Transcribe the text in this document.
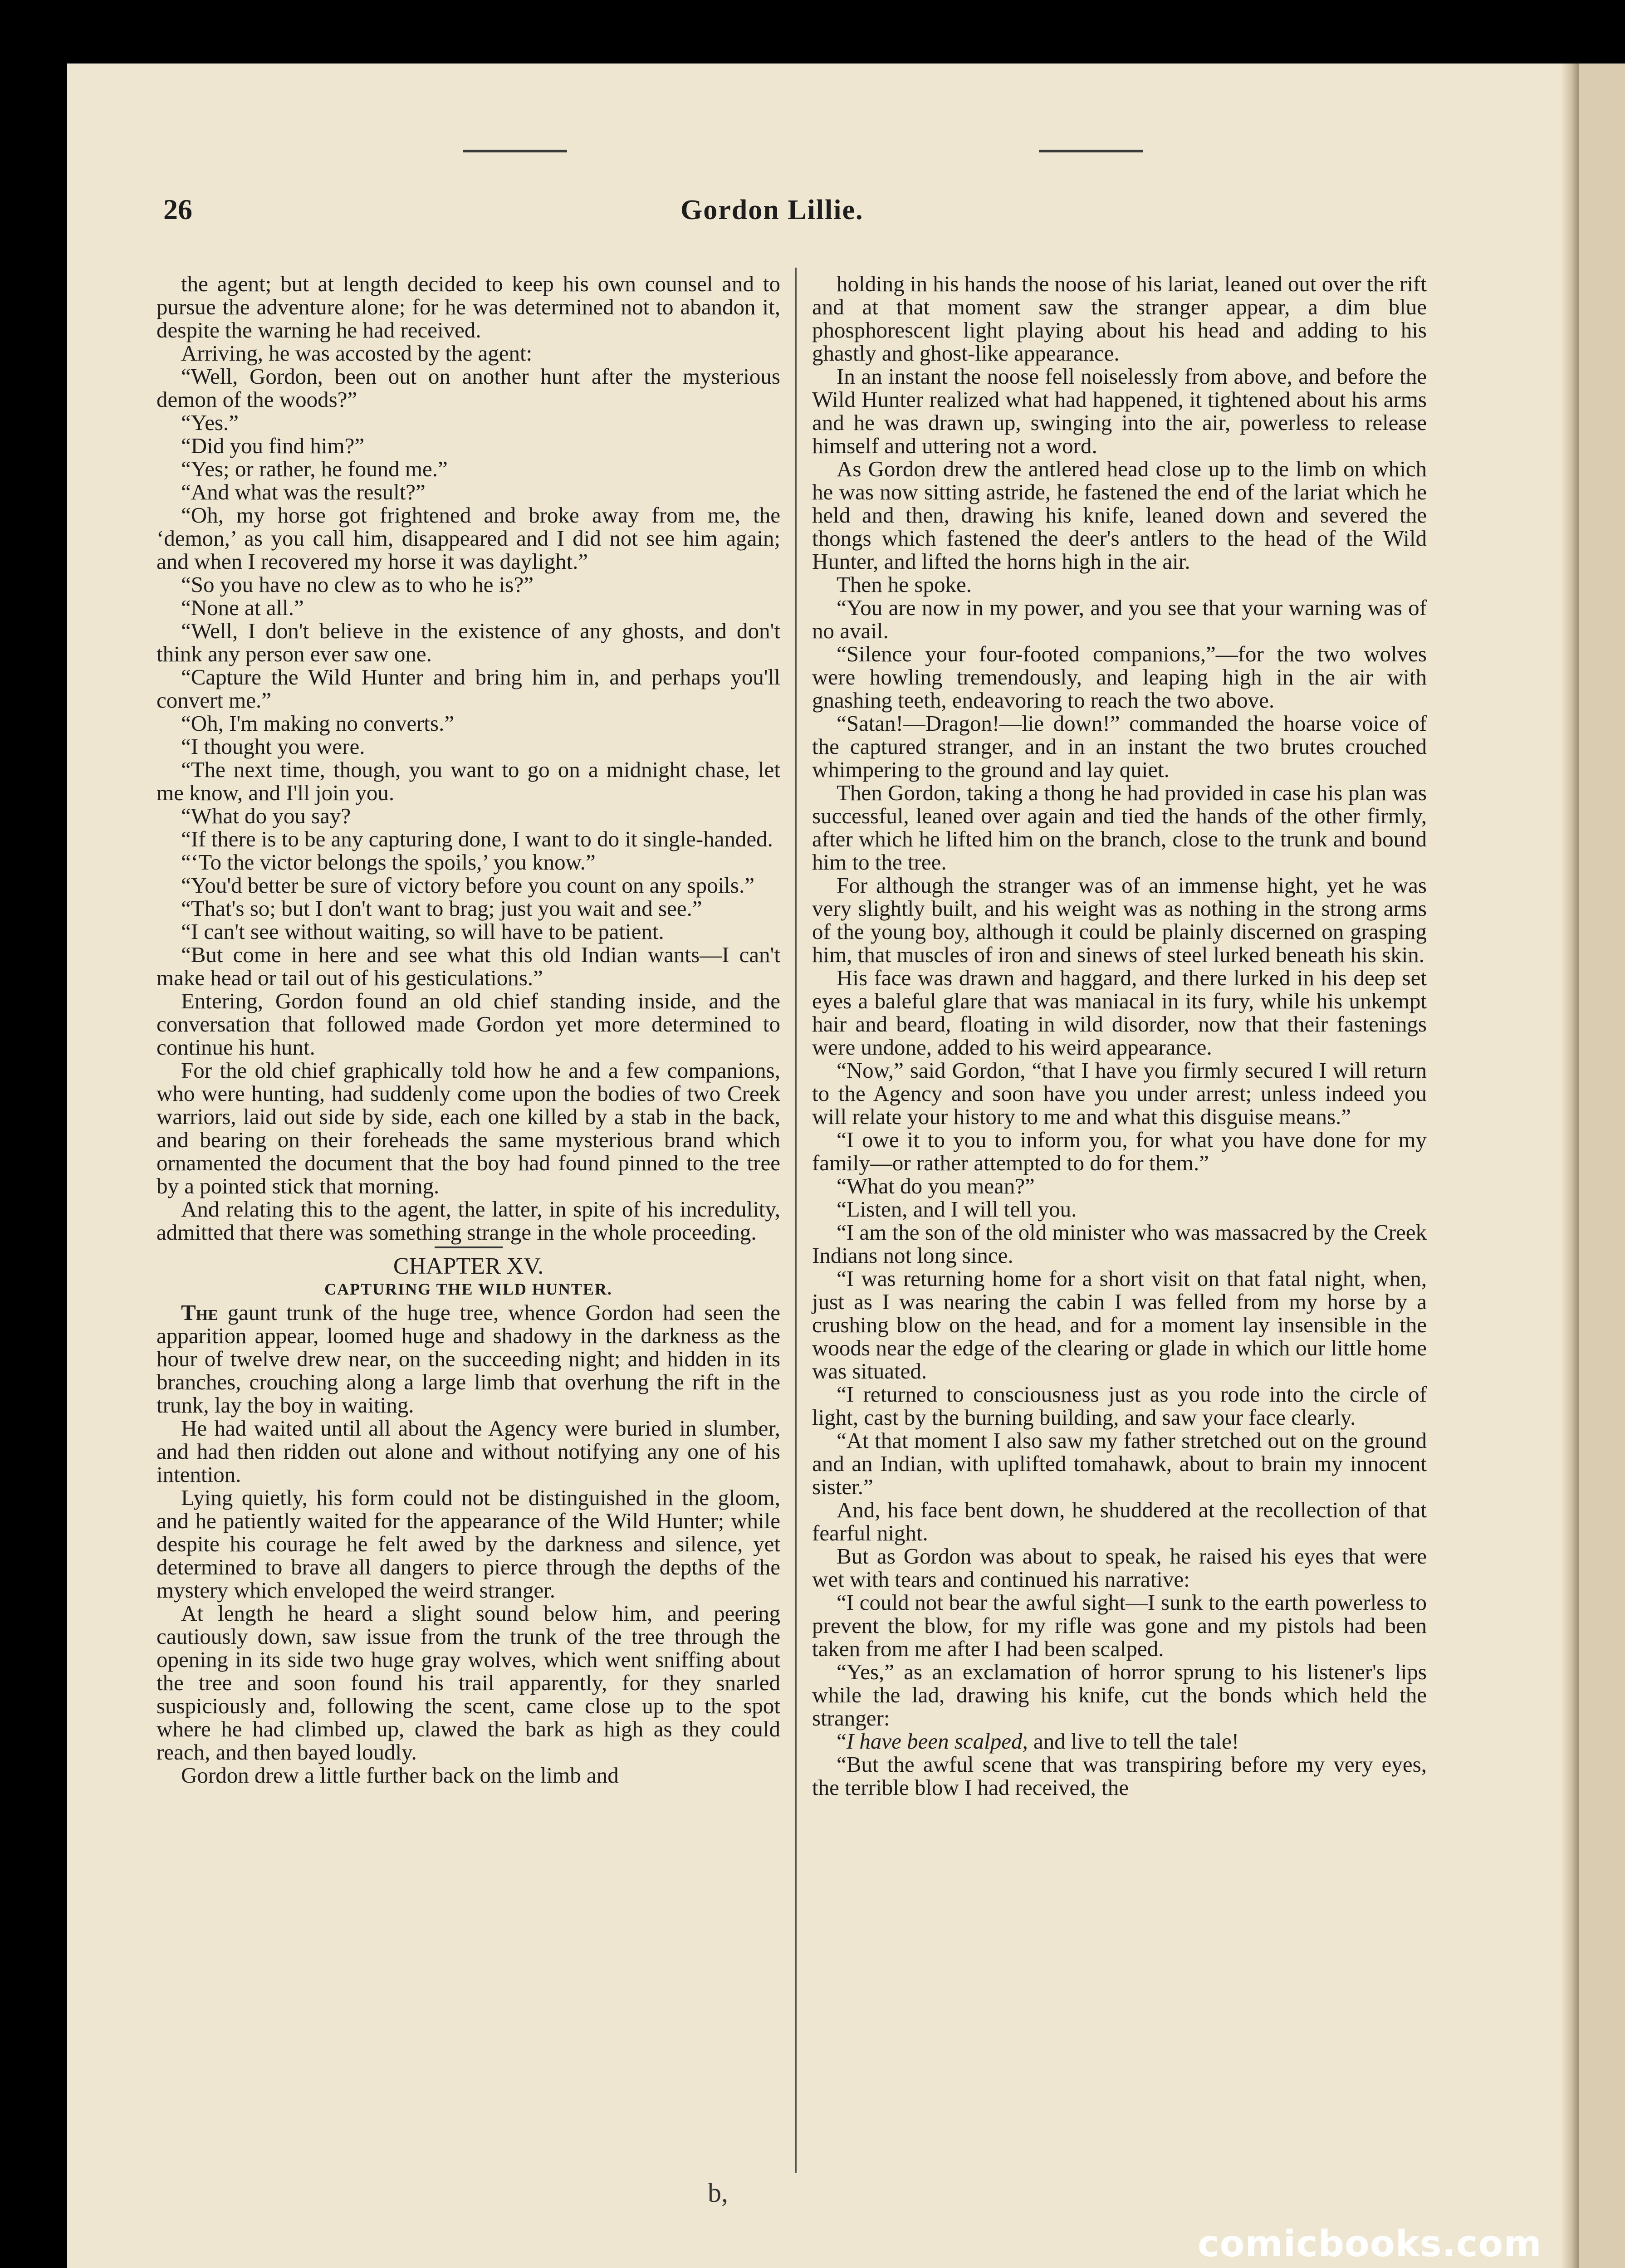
26	Gordon Lillie.

the agent; but at length decided to keep his own counsel and to pursue the adventure alone; for he was determined not to abandon it, despite the warning he had received.

Arriving, he was accosted by the agent:

“Well, Gordon, been out on another hunt after the mysterious demon of the woods?”

“Yes.”

“Did you find him?”

“Yes; or rather, he found me.”

“And what was the result?”

“Oh, my horse got frightened and broke away from me, the ‘demon,’ as you call him, disappeared and I did not see him again; and when I recovered my horse it was daylight.”

“So you have no clew as to who he is?”

“None at all.”

“Well, I don't believe in the existence of any ghosts, and don't think any person ever saw one.

“Capture the Wild Hunter and bring him in, and perhaps you'll convert me.”

“Oh, I'm making no converts.”

“I thought you were.

“The next time, though, you want to go on a midnight chase, let me know, and I'll join you.

“What do you say?

“If there is to be any capturing done, I want to do it single-handed.

“‘To the victor belongs the spoils,’ you know.”

“You'd better be sure of victory before you count on any spoils.”

“That's so; but I don't want to brag; just you wait and see.”

“I can't see without waiting, so will have to be patient.

“But come in here and see what this old Indian wants—I can't make head or tail out of his gesticulations.”

Entering, Gordon found an old chief standing inside, and the conversation that followed made Gordon yet more determined to continue his hunt.

For the old chief graphically told how he and a few companions, who were hunting, had suddenly come upon the bodies of two Creek warriors, laid out side by side, each one killed by a stab in the back, and bearing on their foreheads the same mysterious brand which ornamented the document that the boy had found pinned to the tree by a pointed stick that morning.

And relating this to the agent, the latter, in spite of his incredulity, admitted that there was something strange in the whole proceeding.

CHAPTER XV.

CAPTURING THE WILD HUNTER.

The gaunt trunk of the huge tree, whence Gordon had seen the apparition appear, loomed huge and shadowy in the darkness as the hour of twelve drew near, on the succeeding night; and hidden in its branches, crouching along a large limb that overhung the rift in the trunk, lay the boy in waiting.

He had waited until all about the Agency were buried in slumber, and had then ridden out alone and without notifying any one of his intention.

Lying quietly, his form could not be distinguished in the gloom, and he patiently waited for the appearance of the Wild Hunter; while despite his courage he felt awed by the darkness and silence, yet determined to brave all dangers to pierce through the depths of the mystery which enveloped the weird stranger.

At length he heard a slight sound below him, and peering cautiously down, saw issue from the trunk of the tree through the opening in its side two huge gray wolves, which went sniffing about the tree and soon found his trail apparently, for they snarled suspiciously and, following the scent, came close up to the spot where he had climbed up, clawed the bark as high as they could reach, and then bayed loudly.

Gordon drew a little further back on the limb and

holding in his hands the noose of his lariat, leaned out over the rift and at that moment saw the stranger appear, a dim blue phosphorescent light playing about his head and adding to his ghastly and ghost-like appearance.

In an instant the noose fell noiselessly from above, and before the Wild Hunter realized what had happened, it tightened about his arms and he was drawn up, swinging into the air, powerless to release himself and uttering not a word.

As Gordon drew the antlered head close up to the limb on which he was now sitting astride, he fastened the end of the lariat which he held and then, drawing his knife, leaned down and severed the thongs which fastened the deer's antlers to the head of the Wild Hunter, and lifted the horns high in the air.

Then he spoke.

“You are now in my power, and you see that your warning was of no avail.

“Silence your four-footed companions,”—for the two wolves were howling tremendously, and leaping high in the air with gnashing teeth, endeavoring to reach the two above.

“Satan!—Dragon!—lie down!” commanded the hoarse voice of the captured stranger, and in an instant the two brutes crouched whimpering to the ground and lay quiet.

Then Gordon, taking a thong he had provided in case his plan was successful, leaned over again and tied the hands of the other firmly, after which he lifted him on the branch, close to the trunk and bound him to the tree.

For although the stranger was of an immense hight, yet he was very slightly built, and his weight was as nothing in the strong arms of the young boy, although it could be plainly discerned on grasping him, that muscles of iron and sinews of steel lurked beneath his skin.

His face was drawn and haggard, and there lurked in his deep set eyes a baleful glare that was maniacal in its fury, while his unkempt hair and beard, floating in wild disorder, now that their fastenings were undone, added to his weird appearance.

“Now,” said Gordon, “that I have you firmly secured I will return to the Agency and soon have you under arrest; unless indeed you will relate your history to me and what this disguise means.”

“I owe it to you to inform you, for what you have done for my family—or rather attempted to do for them.”

“What do you mean?”

“Listen, and I will tell you.

“I am the son of the old minister who was massacred by the Creek Indians not long since.

“I was returning home for a short visit on that fatal night, when, just as I was nearing the cabin I was felled from my horse by a crushing blow on the head, and for a moment lay insensible in the woods near the edge of the clearing or glade in which our little home was situated.

“I returned to consciousness just as you rode into the circle of light, cast by the burning building, and saw your face clearly.

“At that moment I also saw my father stretched out on the ground and an Indian, with uplifted tomahawk, about to brain my innocent sister.”

And, his face bent down, he shuddered at the recollection of that fearful night.

But as Gordon was about to speak, he raised his eyes that were wet with tears and continued his narrative:

“I could not bear the awful sight—I sunk to the earth powerless to prevent the blow, for my rifle was gone and my pistols had been taken from me after I had been scalped.

“Yes,” as an exclamation of horror sprung to his listener's lips while the lad, drawing his knife, cut the bonds which held the stranger:

“I have been scalped, and live to tell the tale!

“But the awful scene that was transpiring before my very eyes, the terrible blow I had received, the

b,
comicbooks.com
